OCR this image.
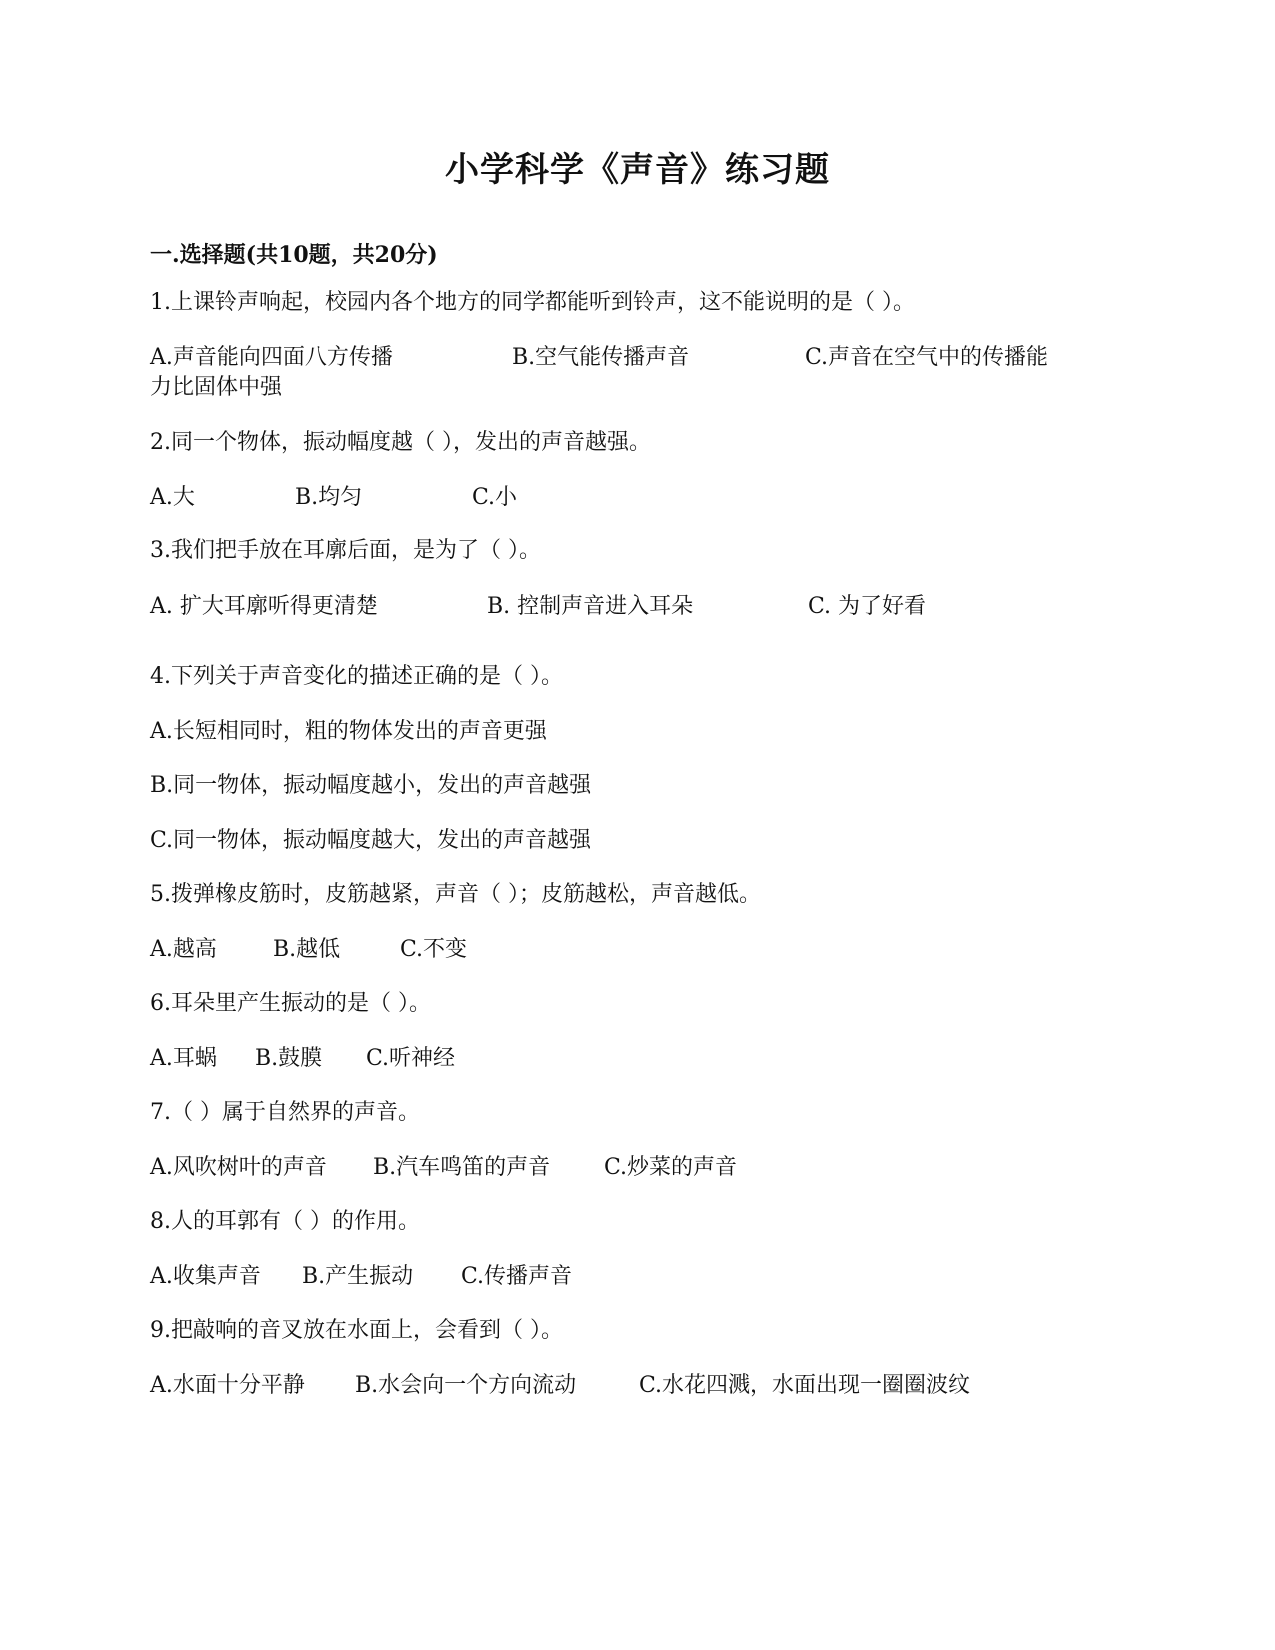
小学科学《声音》练习题
一.选择题(共10题，共20分)
1.上课铃声响起，校园内各个地方的同学都能听到铃声，这不能说明的是（ ）。
A.声音能向四面八方传播	B.空气能传播声音	C.声音在空气中的传播能
力比固体中强
2.同一个物体，振动幅度越（ ），发出的声音越强。
A.大	B.均匀	C.小
3.我们把手放在耳廓后面，是为了（ ）。
A. 扩大耳廓听得更清楚	B. 控制声音进入耳朵	C. 为了好看
4.下列关于声音变化的描述正确的是（ ）。
A.长短相同时，粗的物体发出的声音更强
B.同一物体，振动幅度越小，发出的声音越强
C.同一物体，振动幅度越大，发出的声音越强
5.拨弹橡皮筋时，皮筋越紧，声音（ ）；皮筋越松，声音越低。
A.越高	B.越低	C.不变
6.耳朵里产生振动的是（ ）。
A.耳蜗 B.鼓膜 C.听神经
7.（ ）属于自然界的声音。
A.风吹树叶的声音 B.汽车鸣笛的声音 C.炒菜的声音
8.人的耳郭有（ ）的作用。
A.收集声音 B.产生振动 C.传播声音
9.把敲响的音叉放在水面上，会看到（ ）。
A.水面十分平静 B.水会向一个方向流动	C.水花四溅，水面出现一圈圈波纹
